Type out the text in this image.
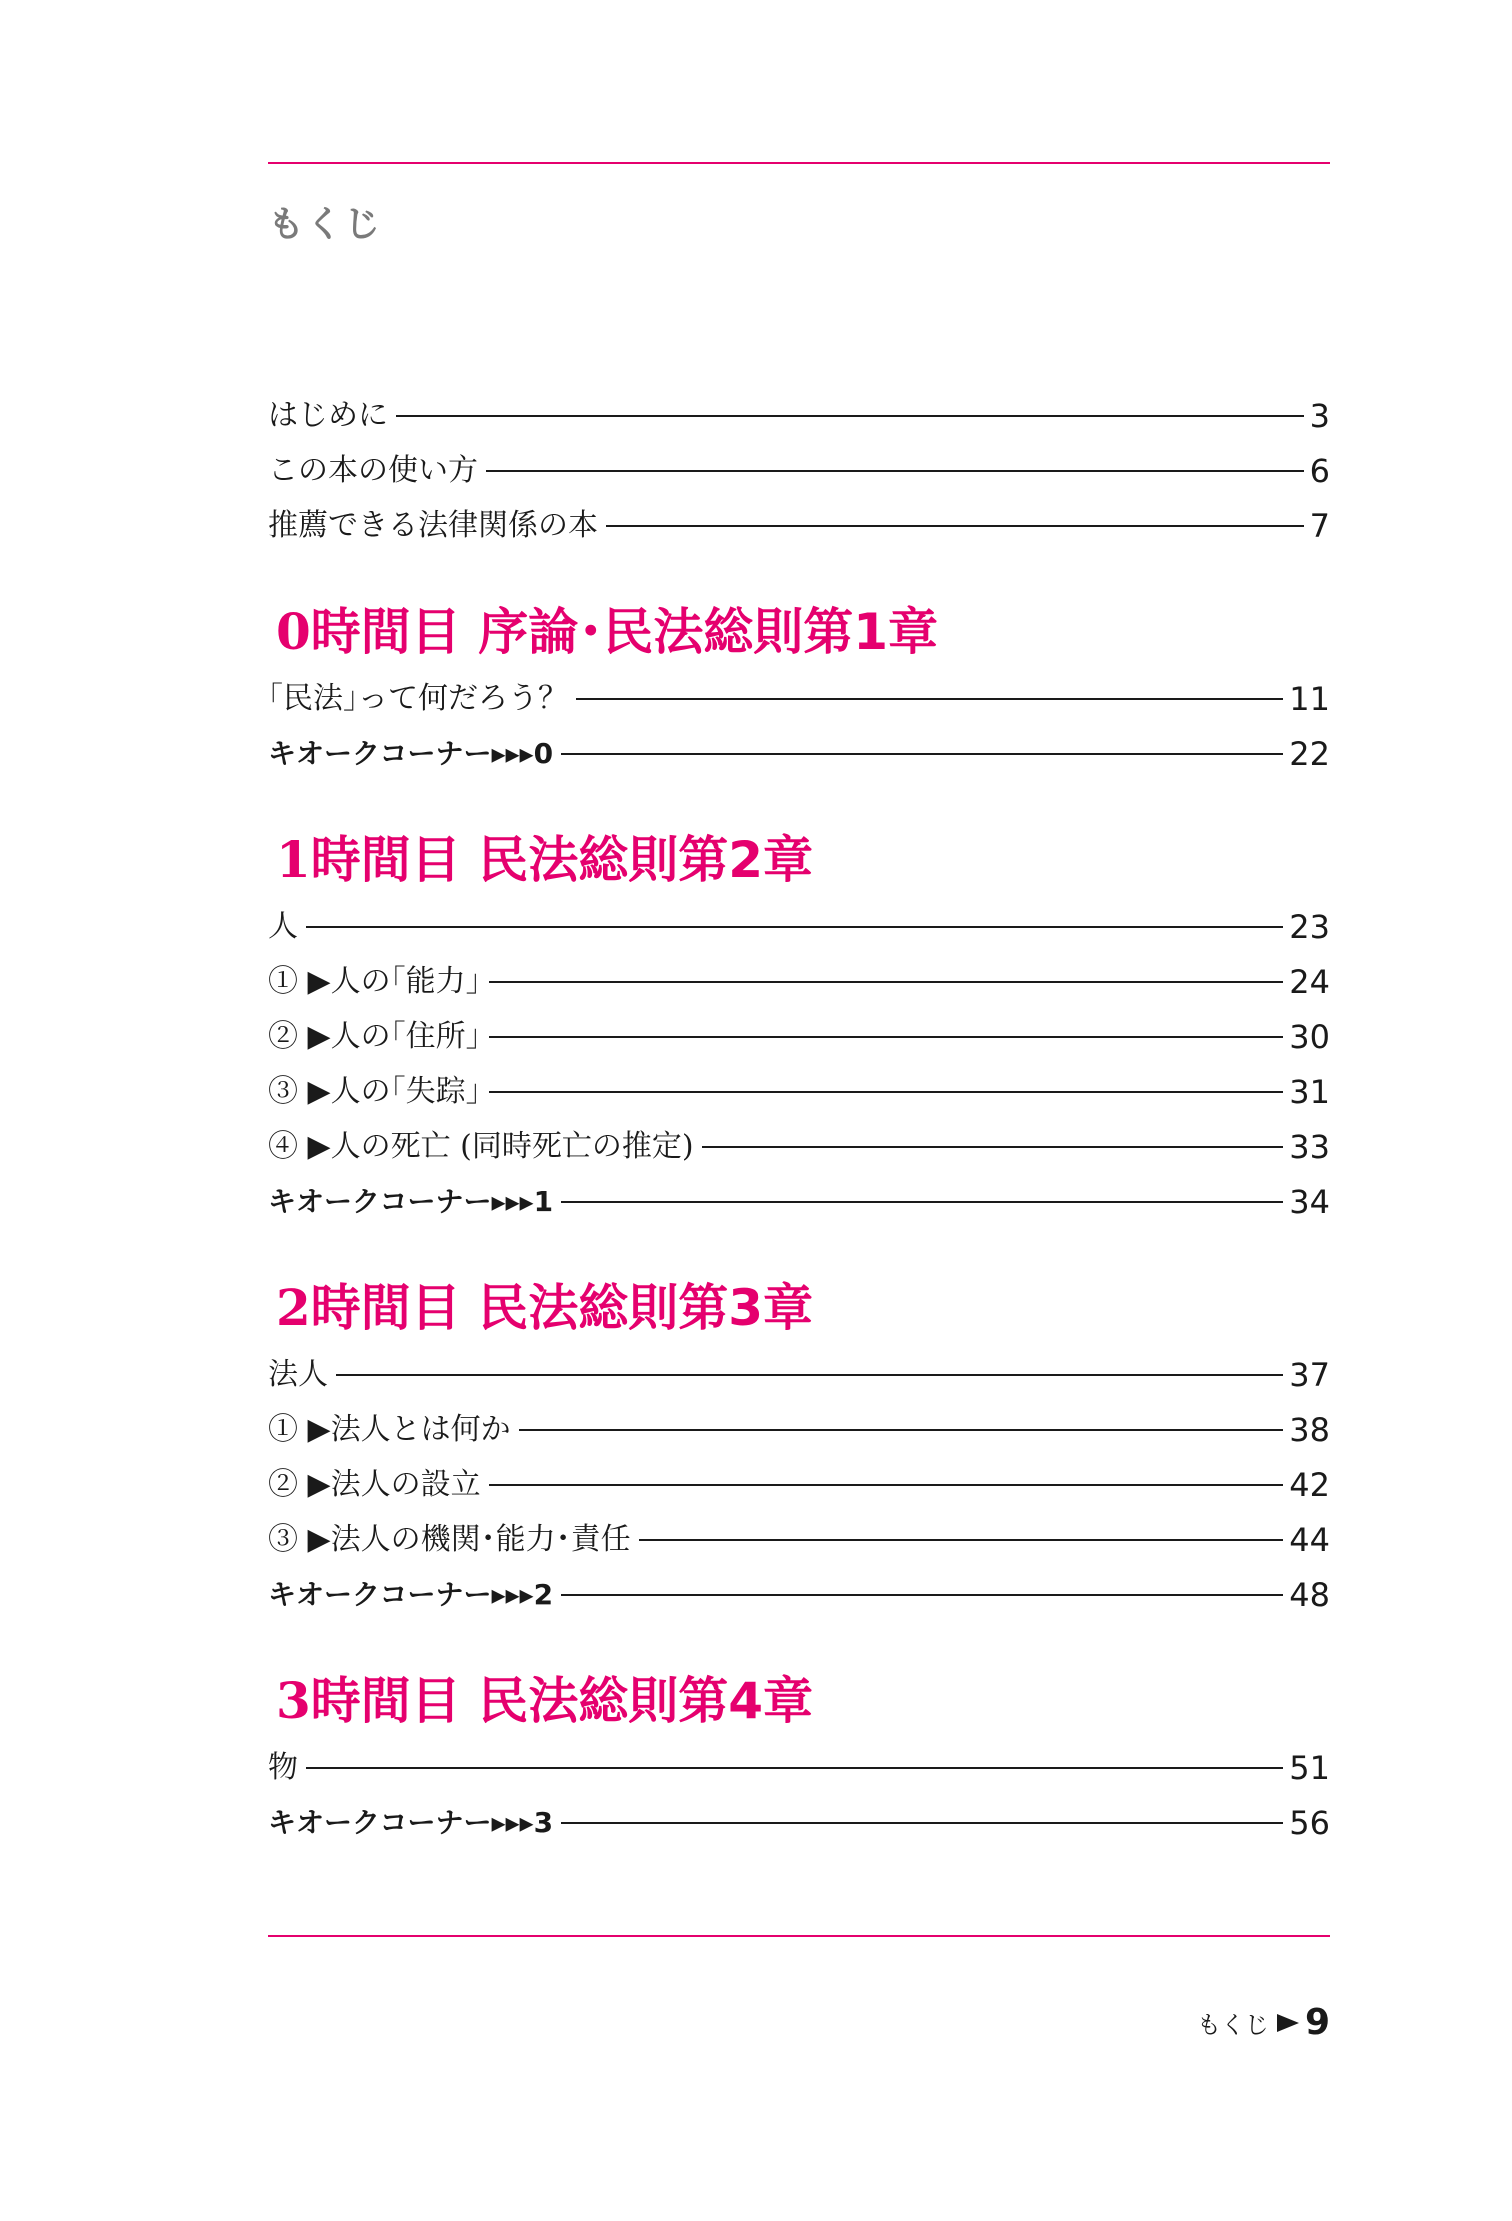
もくじ
はじめに	3
この本の使い方	6
推薦できる法律関係の本	7
0時間目 序論･民法総則第1章
｢民法｣って何だろう？	11
キオークコーナー▸▸▸0	22
1時間目 民法総則第2章
人	23
① ▶人の｢能力｣	24
② ▶人の｢住所｣	30
③ ▶人の｢失踪｣	31
④ ▶人の死亡 (同時死亡の推定)	33
キオークコーナー▸▸▸1	34
2時間目 民法総則第3章
法人	37
① ▶法人とは何か	38
② ▶法人の設立	42
③ ▶法人の機関･能力･責任	44
キオークコーナー▸▸▸2	48
3時間目 民法総則第4章
物	51
キオークコーナー▸▸▸3	56
もくじ 9
